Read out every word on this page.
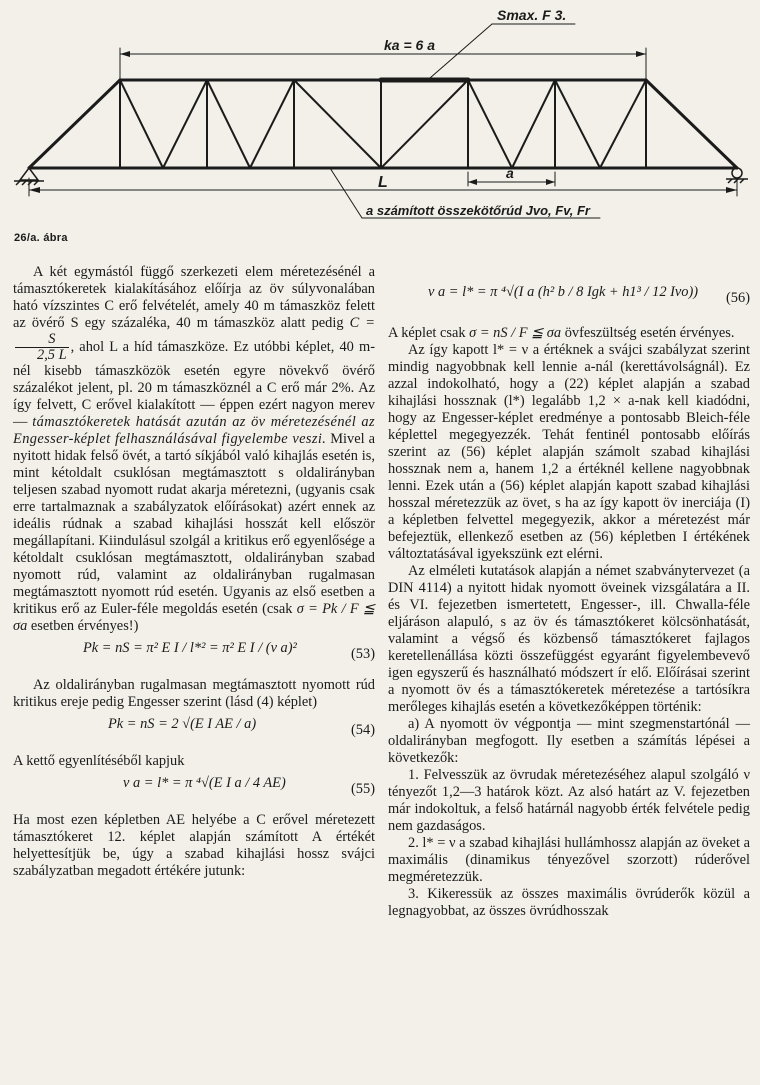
Smax. F 3.
ka = 6 a
L
a
a számított összekötőrúd Jvo, Fv, Fr
26/a. ábra

A két egymástól függő szerkezeti elem méretezésénél a támasztókeretek kialakításához előírja az öv súlyvonalában ható vízszintes C erő felvételét, amely 40 m támaszköz felett az övérő S egy százaléka, 40 m támaszköz alatt pedig C =
$\frac{S}{2,5 L}$ , ahol L a híd támaszköze. Ez utóbbi képlet, 40 m-nél kisebb támaszközök esetén egyre növekvő övérő százalékot jelent, pl. 20 m támaszköznél a C erő már 2%. Az így felvett, C erővel kialakított — éppen ezért nagyon merev — támasztókeretek hatását azután az öv méretezésénél az Engesser-képlet felhasználásával figyelembe veszi. Mivel a nyitott hidak felső övét, a tartó síkjából való kihajlás esetén is, mint kétoldalt csuklósan megtámasztott s oldalirányban teljesen szabad nyomott rudat akarja méretezni, (ugyanis csak erre tartalmaznak a szabályzatok előírásokat) azért ennek az ideális rúdnak a szabad kihajlási hosszát kell először megállapítani. Kiindulásul szolgál a kritikus erő egyenlősége a kétoldalt csuklósan megtámasztott, oldalirányban szabad nyomott rúd, valamint az oldalirányban rugalmasan megtámasztott nyomott rúd esetén. Ugyanis az első esetben a kritikus erő az Euler-féle megoldás esetén (csak σ = Pk / F ≦ σa esetben érvényes!)

Pk = nS = π² E I / l*² = π² E I / (ν a)²	(53)

Az oldalirányban rugalmasan megtámasztott nyomott rúd kritikus ereje pedig Engesser szerint (lásd (4) képlet)

Pk = nS = 2 √(E I AE / a)	(54)

A kettő egyenlítéséből kapjuk

ν a = l* = π ⁴√(E I a / 4 AE)	(55)

Ha most ezen képletben AE helyébe a C erővel méretezett támasztókeret 12. képlet alapján számított A értékét helyettesítjük be, úgy a szabad kihajlási hossz svájci szabályzatban megadott értékére jutunk:

ν a = l* = π ⁴√(I a (h² b / 8 Igk + h1³ / 12 Ivo)) (56)

A képlet csak σ = nS / F ≦ σa övfeszültség esetén érvényes.

Az így kapott l* = ν a értéknek a svájci szabályzat szerint mindig nagyobbnak kell lennie a-nál (kerettávolságnál). Ez azzal indokolható, hogy a (22) képlet alapján a szabad kihajlási hossznak (l*) legalább 1,2 × a-nak kell kiadódni, hogy az Engesser-képlet eredménye a pontosabb Bleich-féle képlettel megegyezzék. Tehát fentinél pontosabb előírás szerint az (56) képlet alapján számolt szabad kihajlási hossznak nem a, hanem 1,2 a értéknél kellene nagyobbnak lenni. Ezek után a (56) képlet alapján kapott szabad kihajlási hosszal méretezzük az övet, s ha az így kapott öv inerciája (I) a képletben felvettel megegyezik, akkor a méretezést már befejeztük, ellenkező esetben az (56) képletben I értékének változtatásával igyekszünk ezt elérni.

Az elméleti kutatások alapján a német szabványtervezet (a DIN 4114) a nyitott hidak nyomott öveinek vizsgálatára a II. és VI. fejezetben ismertetett, Engesser-, ill. Chwalla-féle eljáráson alapuló, s az öv és támasztókeret kölcsönhatását, valamint a végső és közbenső támasztókeret fajlagos keretellenállása közti összefüggést egyaránt figyelembevevő igen egyszerű és használható módszert ír elő. Előírásai szerint a nyomott öv és a támasztókeretek méretezése a tartósíkra merőleges kihajlás esetén a következőképpen történik:

a) A nyomott öv végpontja — mint szegmenstartónál — oldalirányban megfogott. Ily esetben a számítás lépései a következők:

1. Felvesszük az övrudak méretezéséhez alapul szolgáló ν tényezőt 1,2—3 határok közt. Az alsó határt az V. fejezetben már indokoltuk, a felső határnál nagyobb érték felvétele pedig nem gazdaságos.

2. l* = ν a szabad kihajlási hullámhossz alapján az öveket a maximális (dinamikus tényezővel szorzott) rúderővel megméretezzük.

3. Kikeressük az összes maximális övrúderők közül a legnagyobbat, az összes övrúdhosszak
